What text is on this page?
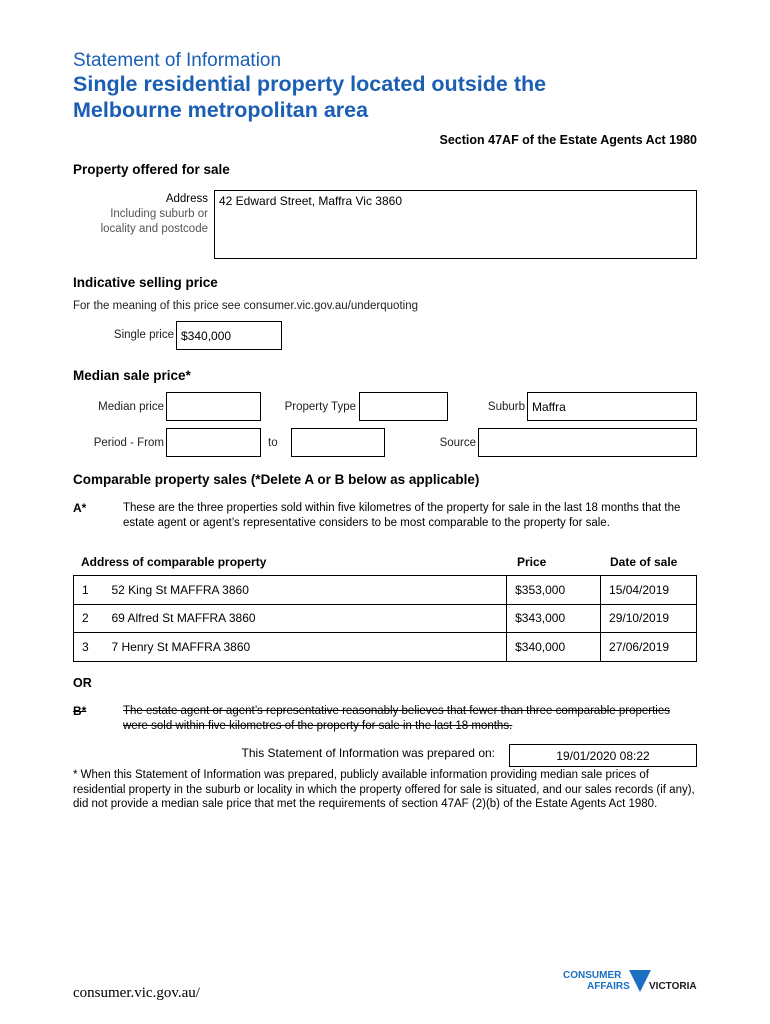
Statement of Information
Single residential property located outside the
Melbourne metropolitan area
Section 47AF of the Estate Agents Act 1980
Property offered for sale
Address
Including suburb or
locality and postcode
42 Edward Street, Maffra Vic 3860
Indicative selling price
For the meaning of this price see consumer.vic.gov.au/underquoting
Single price $340,000
Median sale price*
Median price	Property Type	Suburb Maffra
Period - From	to	Source
Comparable property sales (*Delete A or B below as applicable)
A*	These are the three properties sold within five kilometres of the property for sale in the last 18 months that the estate agent or agent’s representative considers to be most comparable to the property for sale.
Address of comparable property	Price	Date of sale
1	52 King St MAFFRA 3860	$353,000	15/04/2019
2	69 Alfred St MAFFRA 3860	$343,000	29/10/2019
3	7 Henry St MAFFRA 3860	$340,000	27/06/2019
OR
B*	The estate agent or agent’s representative reasonably believes that fewer than three comparable properties were sold within five kilometres of the property for sale in the last 18 months.
This Statement of Information was prepared on:	19/01/2020 08:22
* When this Statement of Information was prepared, publicly available information providing median sale prices of residential property in the suburb or locality in which the property offered for sale is situated, and our sales records (if any), did not provide a median sale price that met the requirements of section 47AF (2)(b) of the Estate Agents Act 1980.
consumer.vic.gov.au/
CONSUMER
AFFAIRS VICTORIA
